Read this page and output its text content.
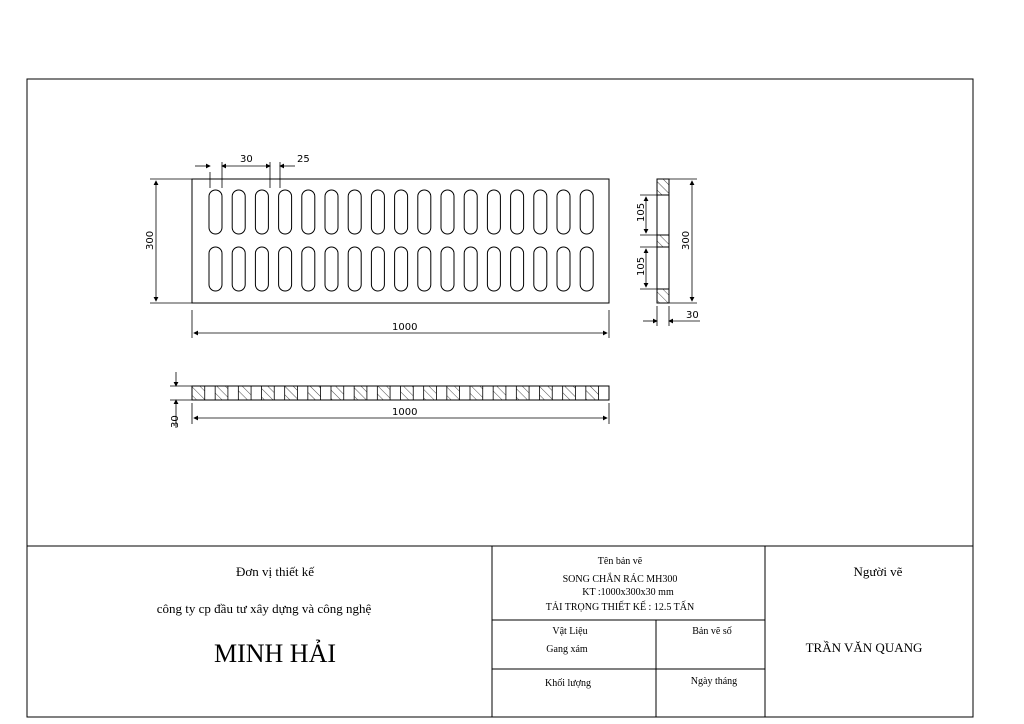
30	25
300
1000
105
105
300
30
30
1000
Đơn vị thiết kế
công ty cp đầu tư xây dựng và công nghệ
MINH HẢI
Tên bản vẽ
SONG CHẮN RÁC MH300
KT :1000x300x30 mm
TẢI TRỌNG THIẾT KẾ : 12.5 TẤN
Vật Liệu
Gang xám
Bản vẽ số
Khối lượng	Ngày tháng
Người vẽ
TRẦN VĂN QUANG
